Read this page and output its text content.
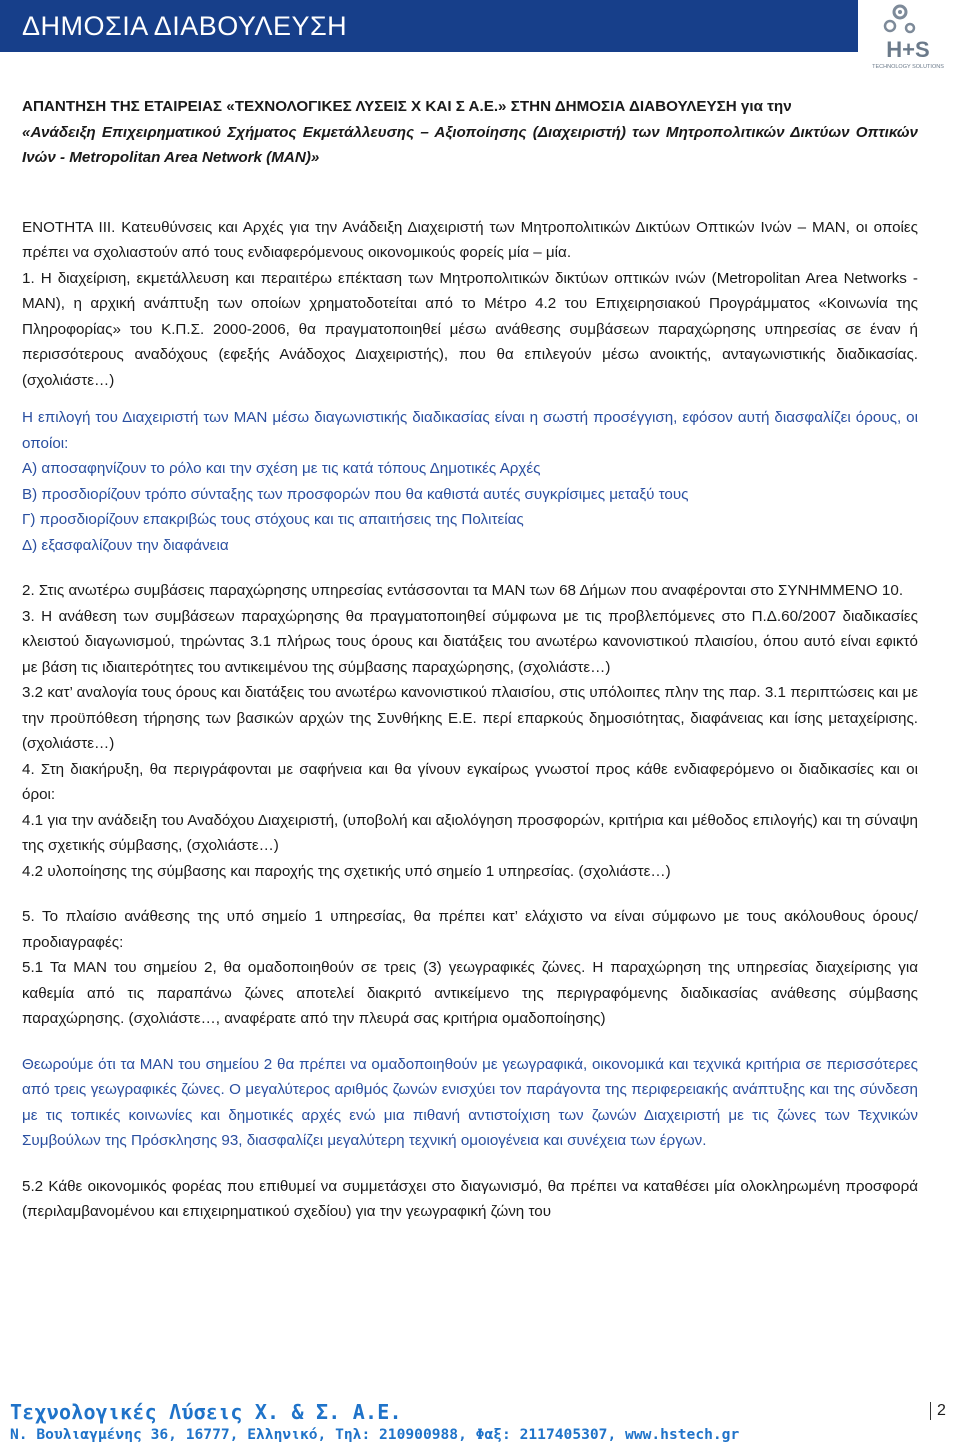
ΔΗΜΟΣΙΑ ΔΙΑΒΟΥΛΕΥΣΗ
H+S
TECHNOLOGY SOLUTIONS

ΑΠΑΝΤΗΣΗ ΤΗΣ ΕΤΑΙΡΕΙΑΣ «ΤΕΧΝΟΛΟΓΙΚΕΣ ΛΥΣΕΙΣ Χ ΚΑΙ Σ Α.Ε.» ΣΤΗΝ ΔΗΜΟΣΙΑ ΔΙΑΒΟΥΛΕΥΣΗ για την

«Ανάδειξη Επιχειρηματικού Σχήματος Εκμετάλλευσης – Αξιοποίησης (Διαχειριστή) των Μητροπολιτικών Δικτύων Οπτικών Ινών - Metropolitan Area Network (MAN)»

ΕΝΟΤΗΤΑ ΙΙΙ. Κατευθύνσεις και Αρχές για την Ανάδειξη Διαχειριστή των Μητροπολιτικών Δικτύων Οπτικών Ινών – MAN, οι οποίες πρέπει να σχολιαστούν από τους ενδιαφερόμενους οικονομικούς φορείς μία – μία.

1. Η διαχείριση, εκμετάλλευση και περαιτέρω επέκταση των Μητροπολιτικών δικτύων οπτικών ινών (Metropolitan Area Networks - MAN), η αρχική ανάπτυξη των οποίων χρηματοδοτείται από το Μέτρο 4.2 του Επιχειρησιακού Προγράμματος «Κοινωνία της Πληροφορίας» του Κ.Π.Σ. 2000-2006, θα πραγματοποιηθεί μέσω ανάθεσης συμβάσεων παραχώρησης υπηρεσίας σε έναν ή περισσότερους αναδόχους (εφεξής Ανάδοχος Διαχειριστής), που θα επιλεγούν μέσω ανοικτής, ανταγωνιστικής διαδικασίας. (σχολιάστε…)

Η επιλογή του Διαχειριστή των MAN μέσω διαγωνιστικής διαδικασίας είναι η σωστή προσέγγιση, εφόσον αυτή διασφαλίζει όρους, οι οποίοι:

Α) αποσαφηνίζουν το ρόλο και την σχέση με τις κατά τόπους Δημοτικές Αρχές

Β) προσδιορίζουν τρόπο σύνταξης των προσφορών που θα καθιστά αυτές συγκρίσιμες μεταξύ τους

Γ) προσδιορίζουν επακριβώς τους στόχους και τις απαιτήσεις της Πολιτείας

Δ) εξασφαλίζουν την διαφάνεια

2. Στις ανωτέρω συμβάσεις παραχώρησης υπηρεσίας εντάσσονται τα MAN των 68 Δήμων που αναφέρονται στο ΣΥΝΗΜΜΕΝΟ 10.

3. Η ανάθεση των συμβάσεων παραχώρησης θα πραγματοποιηθεί σύμφωνα με τις προβλεπόμενες στο Π.Δ.60/2007 διαδικασίες κλειστού διαγωνισμού, τηρώντας 3.1 πλήρως τους όρους και διατάξεις του ανωτέρω κανονιστικού πλαισίου, όπου αυτό είναι εφικτό με βάση τις ιδιαιτερότητες του αντικειμένου της σύμβασης παραχώρησης, (σχολιάστε…)

3.2 κατ’ αναλογία τους όρους και διατάξεις του ανωτέρω κανονιστικού πλαισίου, στις υπόλοιπες πλην της παρ. 3.1 περιπτώσεις και με την προϋπόθεση τήρησης των βασικών αρχών της Συνθήκης Ε.Ε. περί επαρκούς δημοσιότητας, διαφάνειας και ίσης μεταχείρισης. (σχολιάστε…)

4. Στη διακήρυξη, θα περιγράφονται με σαφήνεια και θα γίνουν εγκαίρως γνωστοί προς κάθε ενδιαφερόμενο οι διαδικασίες και οι όροι:

4.1 για την ανάδειξη του Αναδόχου Διαχειριστή, (υποβολή και αξιολόγηση προσφορών, κριτήρια και μέθοδος επιλογής) και τη σύναψη της σχετικής σύμβασης, (σχολιάστε…)

4.2 υλοποίησης της σύμβασης και παροχής της σχετικής υπό σημείο 1 υπηρεσίας. (σχολιάστε…)

5. Το πλαίσιο ανάθεσης της υπό σημείο 1 υπηρεσίας, θα πρέπει κατ’ ελάχιστο να είναι σύμφωνο με τους ακόλουθους όρους/ προδιαγραφές:

5.1 Τα MAN του σημείου 2, θα ομαδοποιηθούν σε τρεις (3) γεωγραφικές ζώνες. Η παραχώρηση της υπηρεσίας διαχείρισης για καθεμία από τις παραπάνω ζώνες αποτελεί διακριτό αντικείμενο της περιγραφόμενης διαδικασίας ανάθεσης σύμβασης παραχώρησης. (σχολιάστε…, αναφέρατε από την πλευρά σας κριτήρια ομαδοποίησης)

Θεωρούμε ότι τα MAN του σημείου 2 θα πρέπει να ομαδοποιηθούν με γεωγραφικά, οικονομικά και τεχνικά κριτήρια σε περισσότερες από τρεις γεωγραφικές ζώνες. Ο μεγαλύτερος αριθμός ζωνών ενισχύει τον παράγοντα της περιφερειακής ανάπτυξης και της σύνδεση με τις τοπικές κοινωνίες και δημοτικές αρχές ενώ μια πιθανή αντιστοίχιση των ζωνών Διαχειριστή με τις ζώνες των Τεχνικών Συμβούλων της Πρόσκλησης 93, διασφαλίζει μεγαλύτερη τεχνική ομοιογένεια και συνέχεια των έργων.

5.2 Κάθε οικονομικός φορέας που επιθυμεί να συμμετάσχει στο διαγωνισμό, θα πρέπει να καταθέσει μία ολοκληρωμένη προσφορά (περιλαμβανομένου και επιχειρηματικού σχεδίου) για την γεωγραφική ζώνη του

Τεχνολογικές Λύσεις Χ. & Σ. Α.Ε.
Ν. Βουλιαγμένης 36, 16777, Ελληνικό, Τηλ: 210900988, Φαξ: 2117405307, www.hstech.gr
2
